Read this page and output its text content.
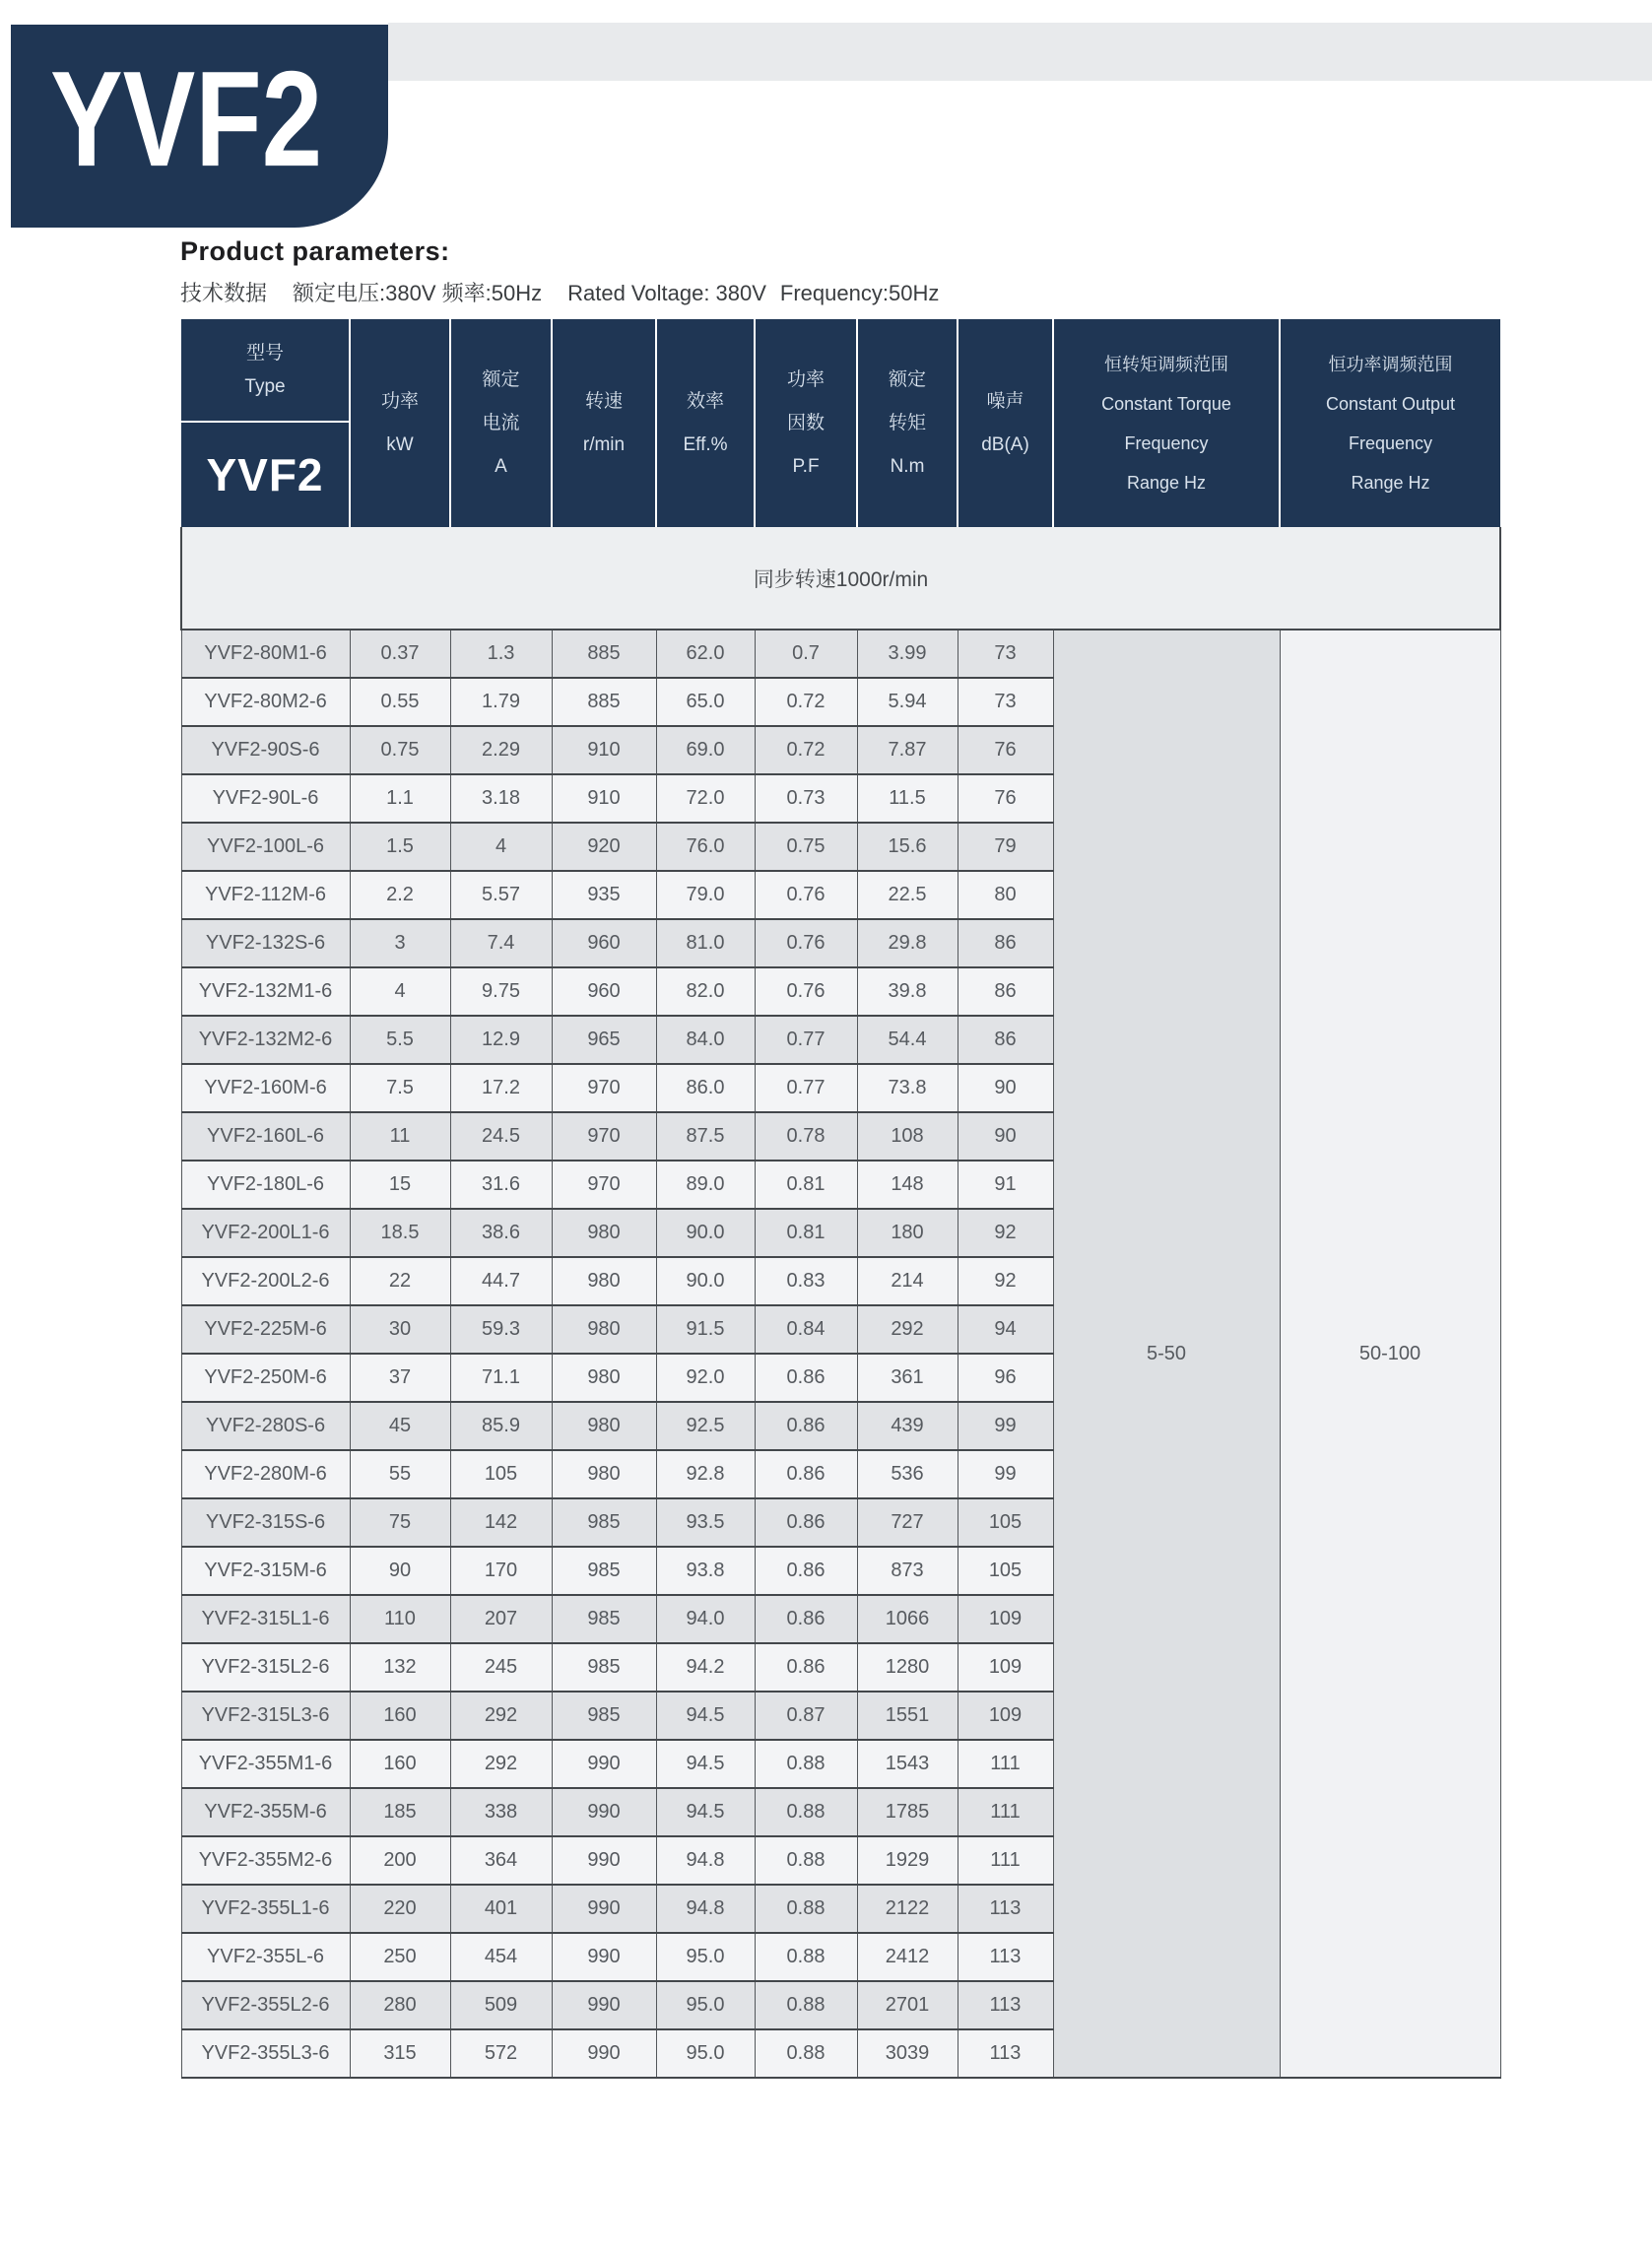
YVF2
Product parameters:
技术数据 额定电压:380V 频率:50Hz Rated Voltage: 380V Frequency:50Hz
型号
Type
YVF2

功率
kW

额定
电流
A

转速
r/min

效率
Eff.%

功率
因数
P.F

额定
转矩
N.m

噪声
dB(A)

恒转矩调频范围
Constant Torque
Frequency
Range Hz

恒功率调频范围
Constant Output
Frequency
Range Hz

同步转速1000r/min									
YVF2-80M1-6	0.37	1.3	885	62.0	0.7	3.99	73	5-50	50-100
YVF2-80M2-6	0.55	1.79	885	65.0	0.72	5.94	73		
YVF2-90S-6	0.75	2.29	910	69.0	0.72	7.87	76		
YVF2-90L-6	1.1	3.18	910	72.0	0.73	11.5	76		
YVF2-100L-6	1.5	4	920	76.0	0.75	15.6	79		
YVF2-112M-6	2.2	5.57	935	79.0	0.76	22.5	80		
YVF2-132S-6	3	7.4	960	81.0	0.76	29.8	86		
YVF2-132M1-6	4	9.75	960	82.0	0.76	39.8	86		
YVF2-132M2-6	5.5	12.9	965	84.0	0.77	54.4	86		
YVF2-160M-6	7.5	17.2	970	86.0	0.77	73.8	90		
YVF2-160L-6	11	24.5	970	87.5	0.78	108	90		
YVF2-180L-6	15	31.6	970	89.0	0.81	148	91		
YVF2-200L1-6	18.5	38.6	980	90.0	0.81	180	92		
YVF2-200L2-6	22	44.7	980	90.0	0.83	214	92		
YVF2-225M-6	30	59.3	980	91.5	0.84	292	94		
YVF2-250M-6	37	71.1	980	92.0	0.86	361	96		
YVF2-280S-6	45	85.9	980	92.5	0.86	439	99		
YVF2-280M-6	55	105	980	92.8	0.86	536	99		
YVF2-315S-6	75	142	985	93.5	0.86	727	105		
YVF2-315M-6	90	170	985	93.8	0.86	873	105		
YVF2-315L1-6	110	207	985	94.0	0.86	1066	109		
YVF2-315L2-6	132	245	985	94.2	0.86	1280	109		
YVF2-315L3-6	160	292	985	94.5	0.87	1551	109		
YVF2-355M1-6	160	292	990	94.5	0.88	1543	111		
YVF2-355M-6	185	338	990	94.5	0.88	1785	111		
YVF2-355M2-6	200	364	990	94.8	0.88	1929	111		
YVF2-355L1-6	220	401	990	94.8	0.88	2122	113		
YVF2-355L-6	250	454	990	95.0	0.88	2412	113		
YVF2-355L2-6	280	509	990	95.0	0.88	2701	113		
YVF2-355L3-6	315	572	990	95.0	0.88	3039	113		
